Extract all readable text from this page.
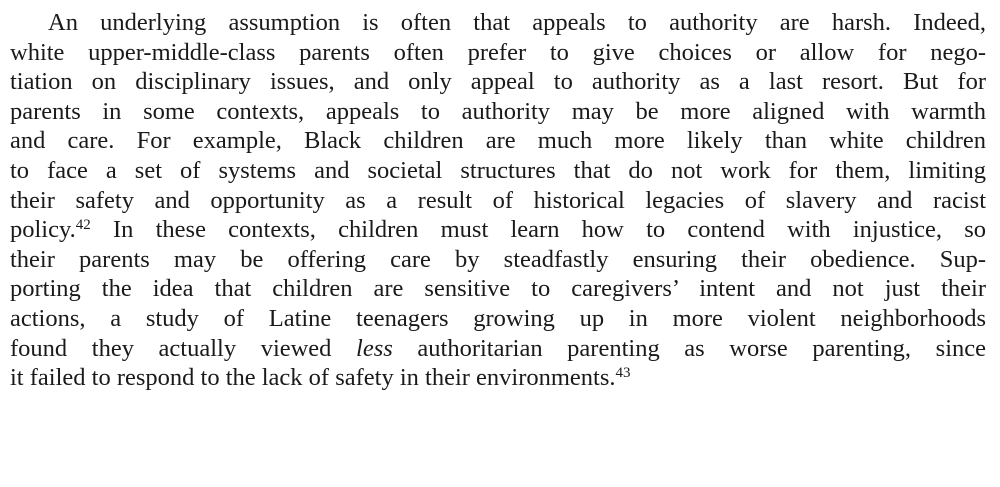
An underlying assumption is often that appeals to authority are harsh. Indeed,
white upper-middle-class parents often prefer to give choices or allow for nego-
tiation on disciplinary issues, and only appeal to authority as a last resort. But for
parents in some contexts, appeals to authority may be more aligned with warmth
and care. For example, Black children are much more likely than white children
to face a set of systems and societal structures that do not work for them, limiting
their safety and opportunity as a result of historical legacies of slavery and racist
policy.$^{42}$ In these contexts, children must learn how to contend with injustice, so
their parents may be offering care by steadfastly ensuring their obedience. Sup-
porting the idea that children are sensitive to caregivers’ intent and not just their
actions, a study of Latine teenagers growing up in more violent neighborhoods
found they actually viewed less authoritarian parenting as worse parenting, since
it failed to respond to the lack of safety in their environments.$^{43}$
